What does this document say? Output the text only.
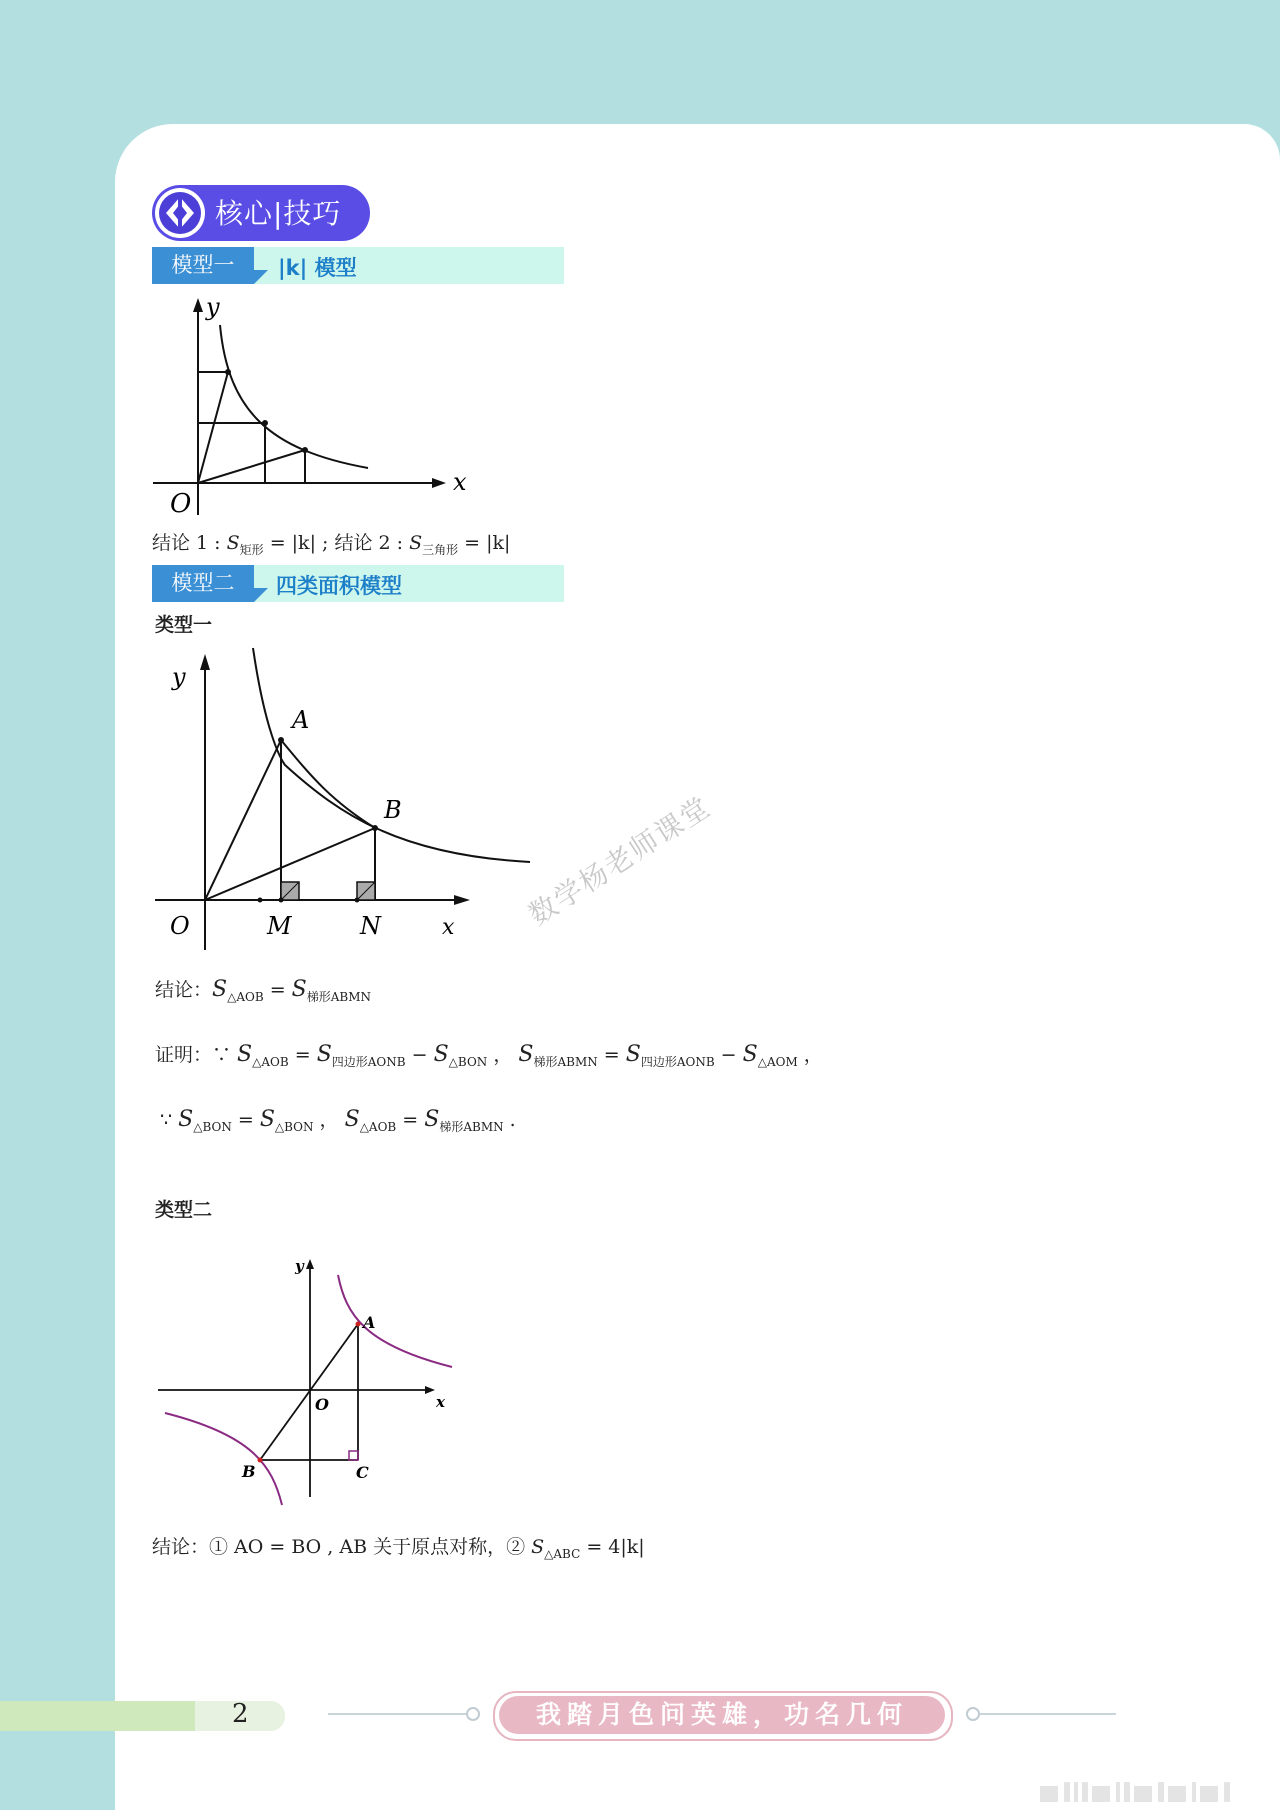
核心|技巧
模型一	|k| 模型
y
x
O
结论 1 : $S_{矩形} = |k|$ ; 结论 2 : $S_{三角形} = |k|$
模型二	四类面积模型
类型一
y
A
B
O	M	N	x
结论：$S_{\triangle AOB} = S_{梯形ABMN}$
证明：∵ $S_{\triangle AOB} = S_{四边形AONB} - S_{\triangle BON}$ ， $S_{梯形ABMN} = S_{四边形AONB} - S_{\triangle AOM}$ ，
∵ $S_{\triangle BON} = S_{\triangle BON}$ ， $S_{\triangle AOB} = S_{梯形ABMN}$ .
类型二
y
A
O	x
B	C
结论：① AO = BO , AB 关于原点对称，② $S_{\triangle ABC} = 4|k|$
数学杨老师课堂
2	我踏月色问英雄，功名几何
